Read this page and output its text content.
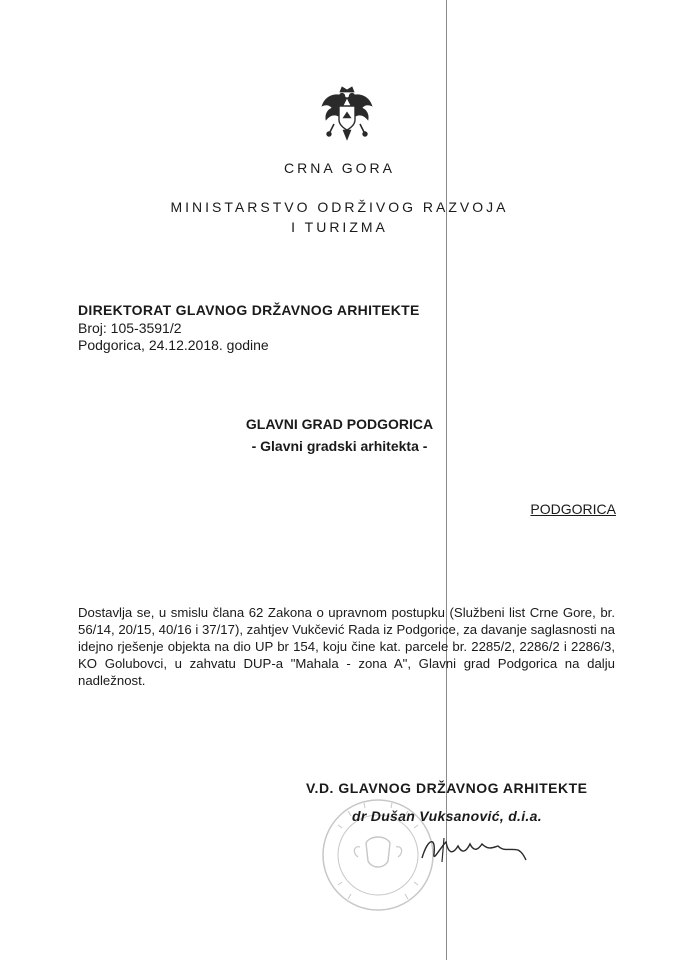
CRNA GORA
MINISTARSTVO ODRŽIVOG RAZVOJA
I TURIZMA
DIREKTORAT GLAVNOG DRŽAVNOG ARHITEKTE
Broj: 105-3591/2
Podgorica, 24.12.2018. godine
GLAVNI GRAD PODGORICA
- Glavni gradski arhitekta -
PODGORICA
Dostavlja se, u smislu člana 62 Zakona o upravnom postupku (Službeni list Crne Gore, br. 56/14, 20/15, 40/16 i 37/17), zahtjev Vukčević Rada iz Podgorice, za davanje saglasnosti na idejno rješenje objekta na dio UP br 154, koju čine kat. parcele br. 2285/2, 2286/2 i 2286/3, KO Golubovci, u zahvatu DUP-a "Mahala - zona A", Glavni grad Podgorica na dalju nadležnost.
V.D. GLAVNOG DRŽAVNOG ARHITEKTE
dr Dušan Vuksanović, d.i.a.
